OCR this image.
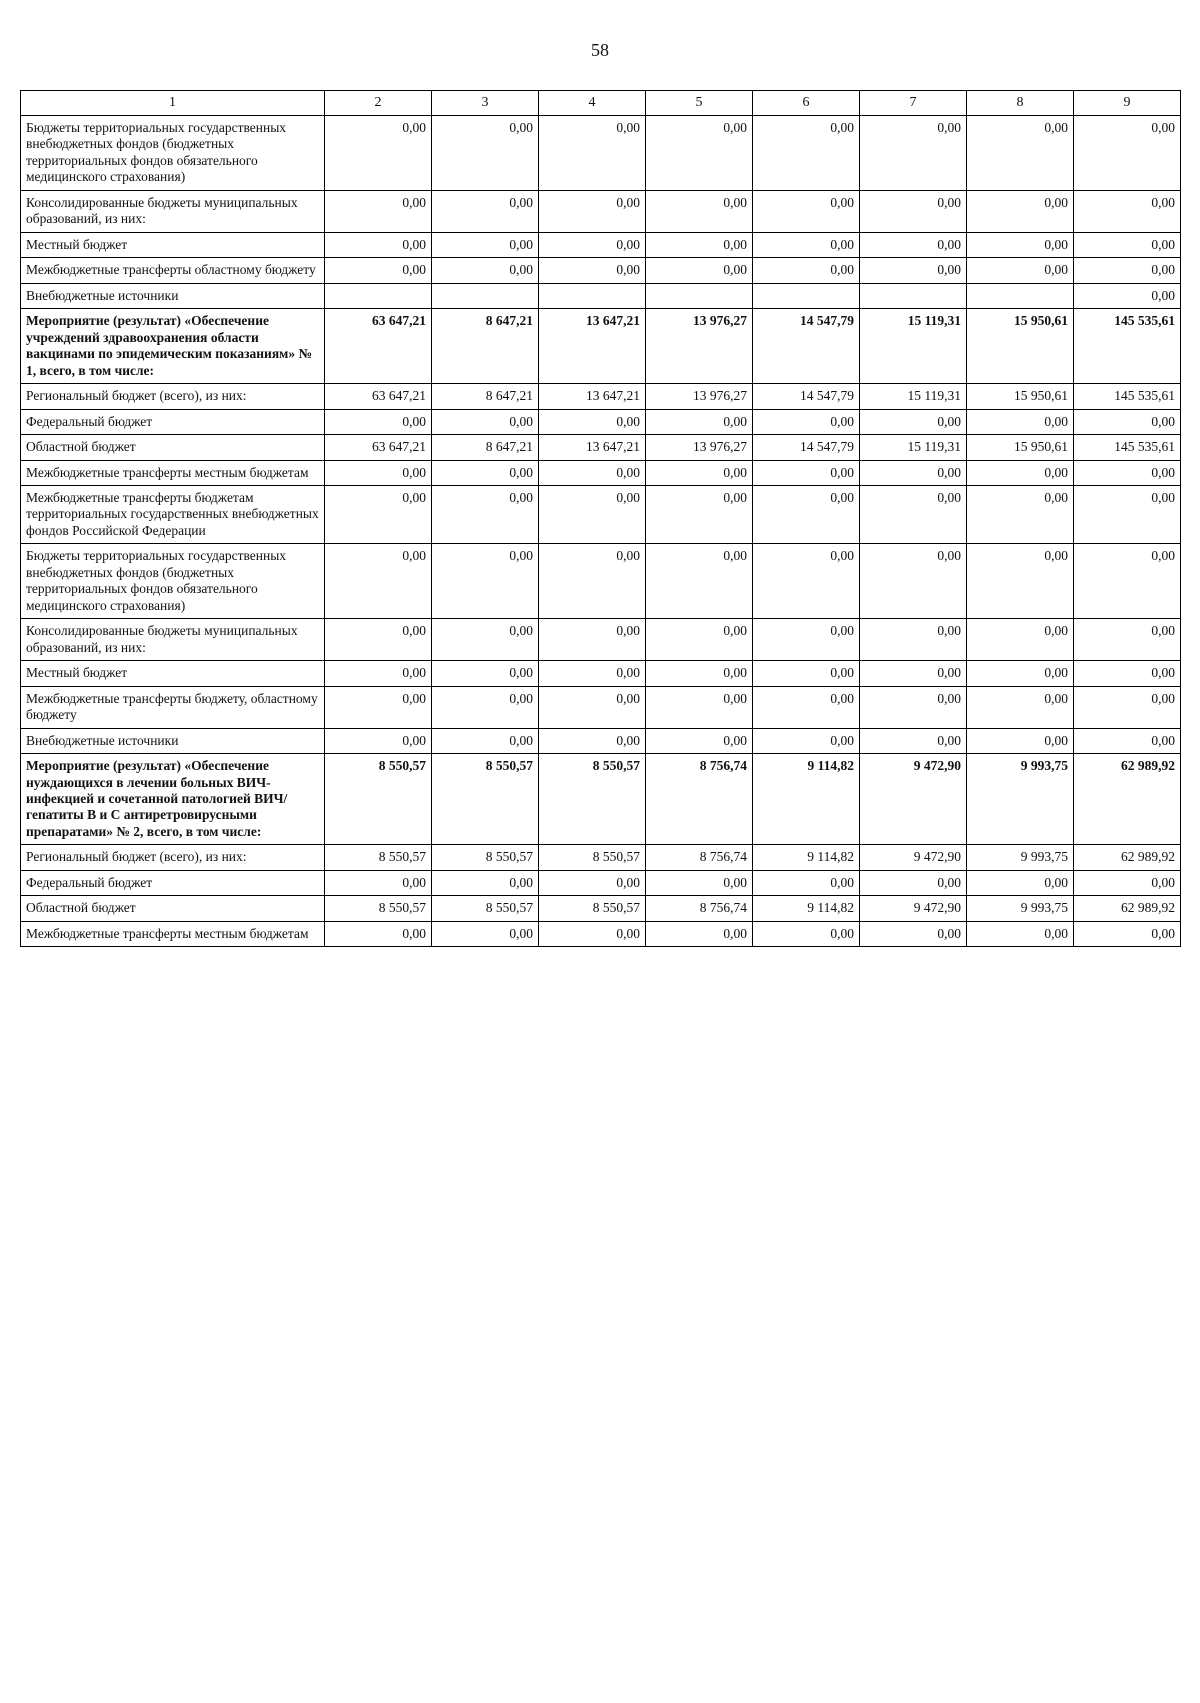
58
1	2	3	4	5	6	7	8	9
Бюджеты территориальных государственных внебюджетных фондов (бюджетных территориальных фондов обязательного медицинского страхования)	0,00	0,00	0,00	0,00	0,00	0,00	0,00	0,00
Консолидированные бюджеты муниципальных образований, из них:	0,00	0,00	0,00	0,00	0,00	0,00	0,00	0,00
Местный бюджет	0,00	0,00	0,00	0,00	0,00	0,00	0,00	0,00
Межбюджетные трансферты областному бюджету	0,00	0,00	0,00	0,00	0,00	0,00	0,00	0,00
Внебюджетные источники								0,00
Мероприятие (результат) «Обеспечение учреждений здравоохранения области вакцинами по эпидемическим показаниям» № 1, всего, в том числе:	63 647,21	8 647,21	13 647,21	13 976,27	14 547,79	15 119,31	15 950,61	145 535,61
Региональный бюджет (всего), из них:	63 647,21	8 647,21	13 647,21	13 976,27	14 547,79	15 119,31	15 950,61	145 535,61
Федеральный бюджет	0,00	0,00	0,00	0,00	0,00	0,00	0,00	0,00
Областной бюджет	63 647,21	8 647,21	13 647,21	13 976,27	14 547,79	15 119,31	15 950,61	145 535,61
Межбюджетные трансферты местным бюджетам	0,00	0,00	0,00	0,00	0,00	0,00	0,00	0,00
Межбюджетные трансферты бюджетам территориальных государственных внебюджетных фондов Российской Федерации	0,00	0,00	0,00	0,00	0,00	0,00	0,00	0,00
Бюджеты территориальных государственных внебюджетных фондов (бюджетных территориальных фондов обязательного медицинского страхования)	0,00	0,00	0,00	0,00	0,00	0,00	0,00	0,00
Консолидированные бюджеты муниципальных образований, из них:	0,00	0,00	0,00	0,00	0,00	0,00	0,00	0,00
Местный бюджет	0,00	0,00	0,00	0,00	0,00	0,00	0,00	0,00
Межбюджетные трансферты бюджету, областному бюджету	0,00	0,00	0,00	0,00	0,00	0,00	0,00	0,00
Внебюджетные источники	0,00	0,00	0,00	0,00	0,00	0,00	0,00	0,00
Мероприятие (результат) «Обеспечение нуждающихся в лечении больных ВИЧ-инфекцией и сочетанной патологией ВИЧ/гепатиты В и С антиретровирусными препаратами» № 2, всего, в том числе:	8 550,57	8 550,57	8 550,57	8 756,74	9 114,82	9 472,90	9 993,75	62 989,92
Региональный бюджет (всего), из них:	8 550,57	8 550,57	8 550,57	8 756,74	9 114,82	9 472,90	9 993,75	62 989,92
Федеральный бюджет	0,00	0,00	0,00	0,00	0,00	0,00	0,00	0,00
Областной бюджет	8 550,57	8 550,57	8 550,57	8 756,74	9 114,82	9 472,90	9 993,75	62 989,92
Межбюджетные трансферты местным бюджетам	0,00	0,00	0,00	0,00	0,00	0,00	0,00	0,00
